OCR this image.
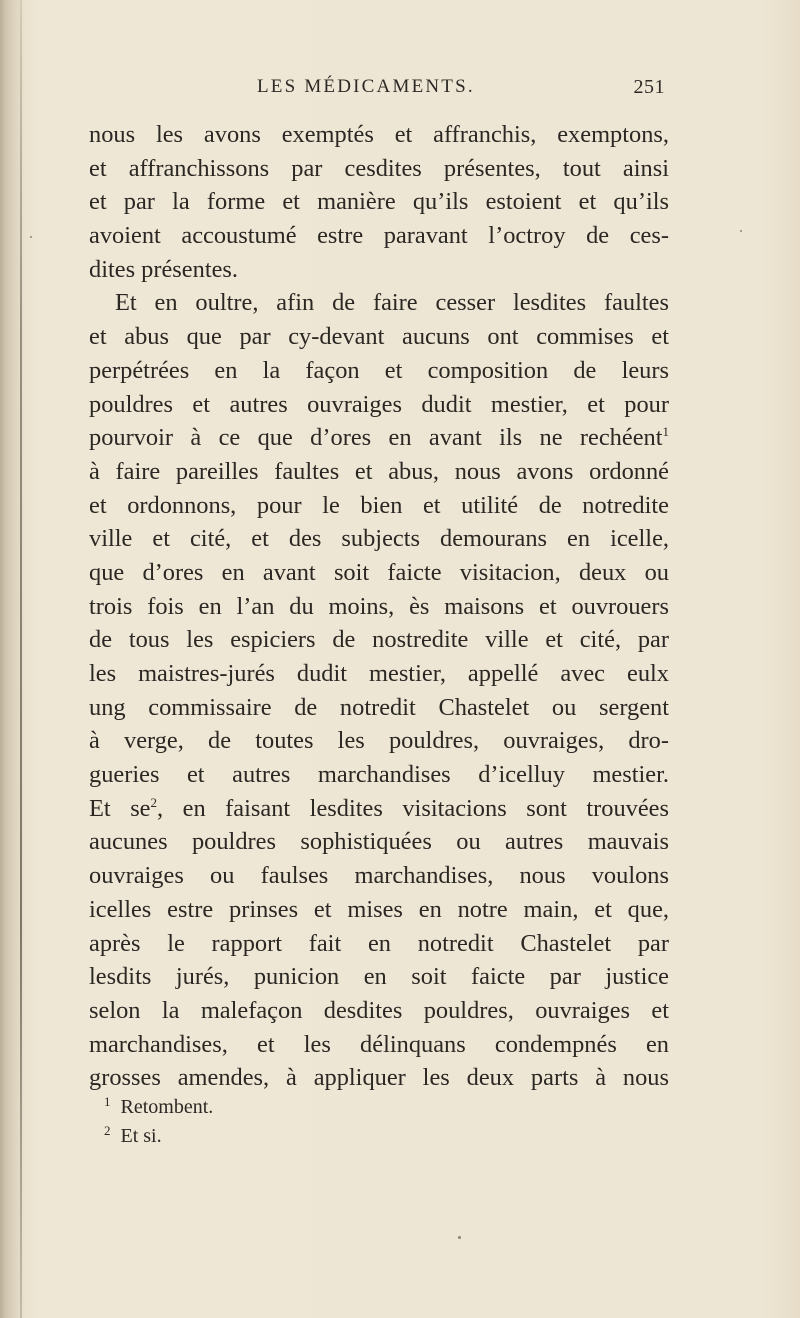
LES MÉDICAMENTS.	251
nous les avons exemptés et affranchis, exemptons,
et affranchissons par cesdites présentes, tout ainsi
et par la forme et manière qu’ils estoient et qu’ils
avoient accoustumé estre paravant l’octroy de ces-
dites présentes.
Et en oultre, afin de faire cesser lesdites faultes
et abus que par cy-devant aucuns ont commises et
perpétrées en la façon et composition de leurs
pouldres et autres ouvraiges dudit mestier, et pour
pourvoir à ce que d’ores en avant ils ne rechéent$^1$
à faire pareilles faultes et abus, nous avons ordonné
et ordonnons, pour le bien et utilité de notredite
ville et cité, et des subjects demourans en icelle,
que d’ores en avant soit faicte visitacion, deux ou
trois fois en l’an du moins, ès maisons et ouvrouers
de tous les espiciers de nostredite ville et cité, par
les maistres-jurés dudit mestier, appellé avec eulx
ung commissaire de notredit Chastelet ou sergent
à verge, de toutes les pouldres, ouvraiges, dro-
gueries et autres marchandises d’icelluy mestier.
Et se$^2$, en faisant lesdites visitacions sont trouvées
aucunes pouldres sophistiquées ou autres mauvais
ouvraiges ou faulses marchandises, nous voulons
icelles estre prinses et mises en notre main, et que,
après le rapport fait en notredit Chastelet par
lesdits jurés, punicion en soit faicte par justice
selon la malefaçon desdites pouldres, ouvraiges et
marchandises, et les délinquans condempnés en
grosses amendes, à appliquer les deux parts à nous
$^1$ Retombent.
$^2$ Et si.
